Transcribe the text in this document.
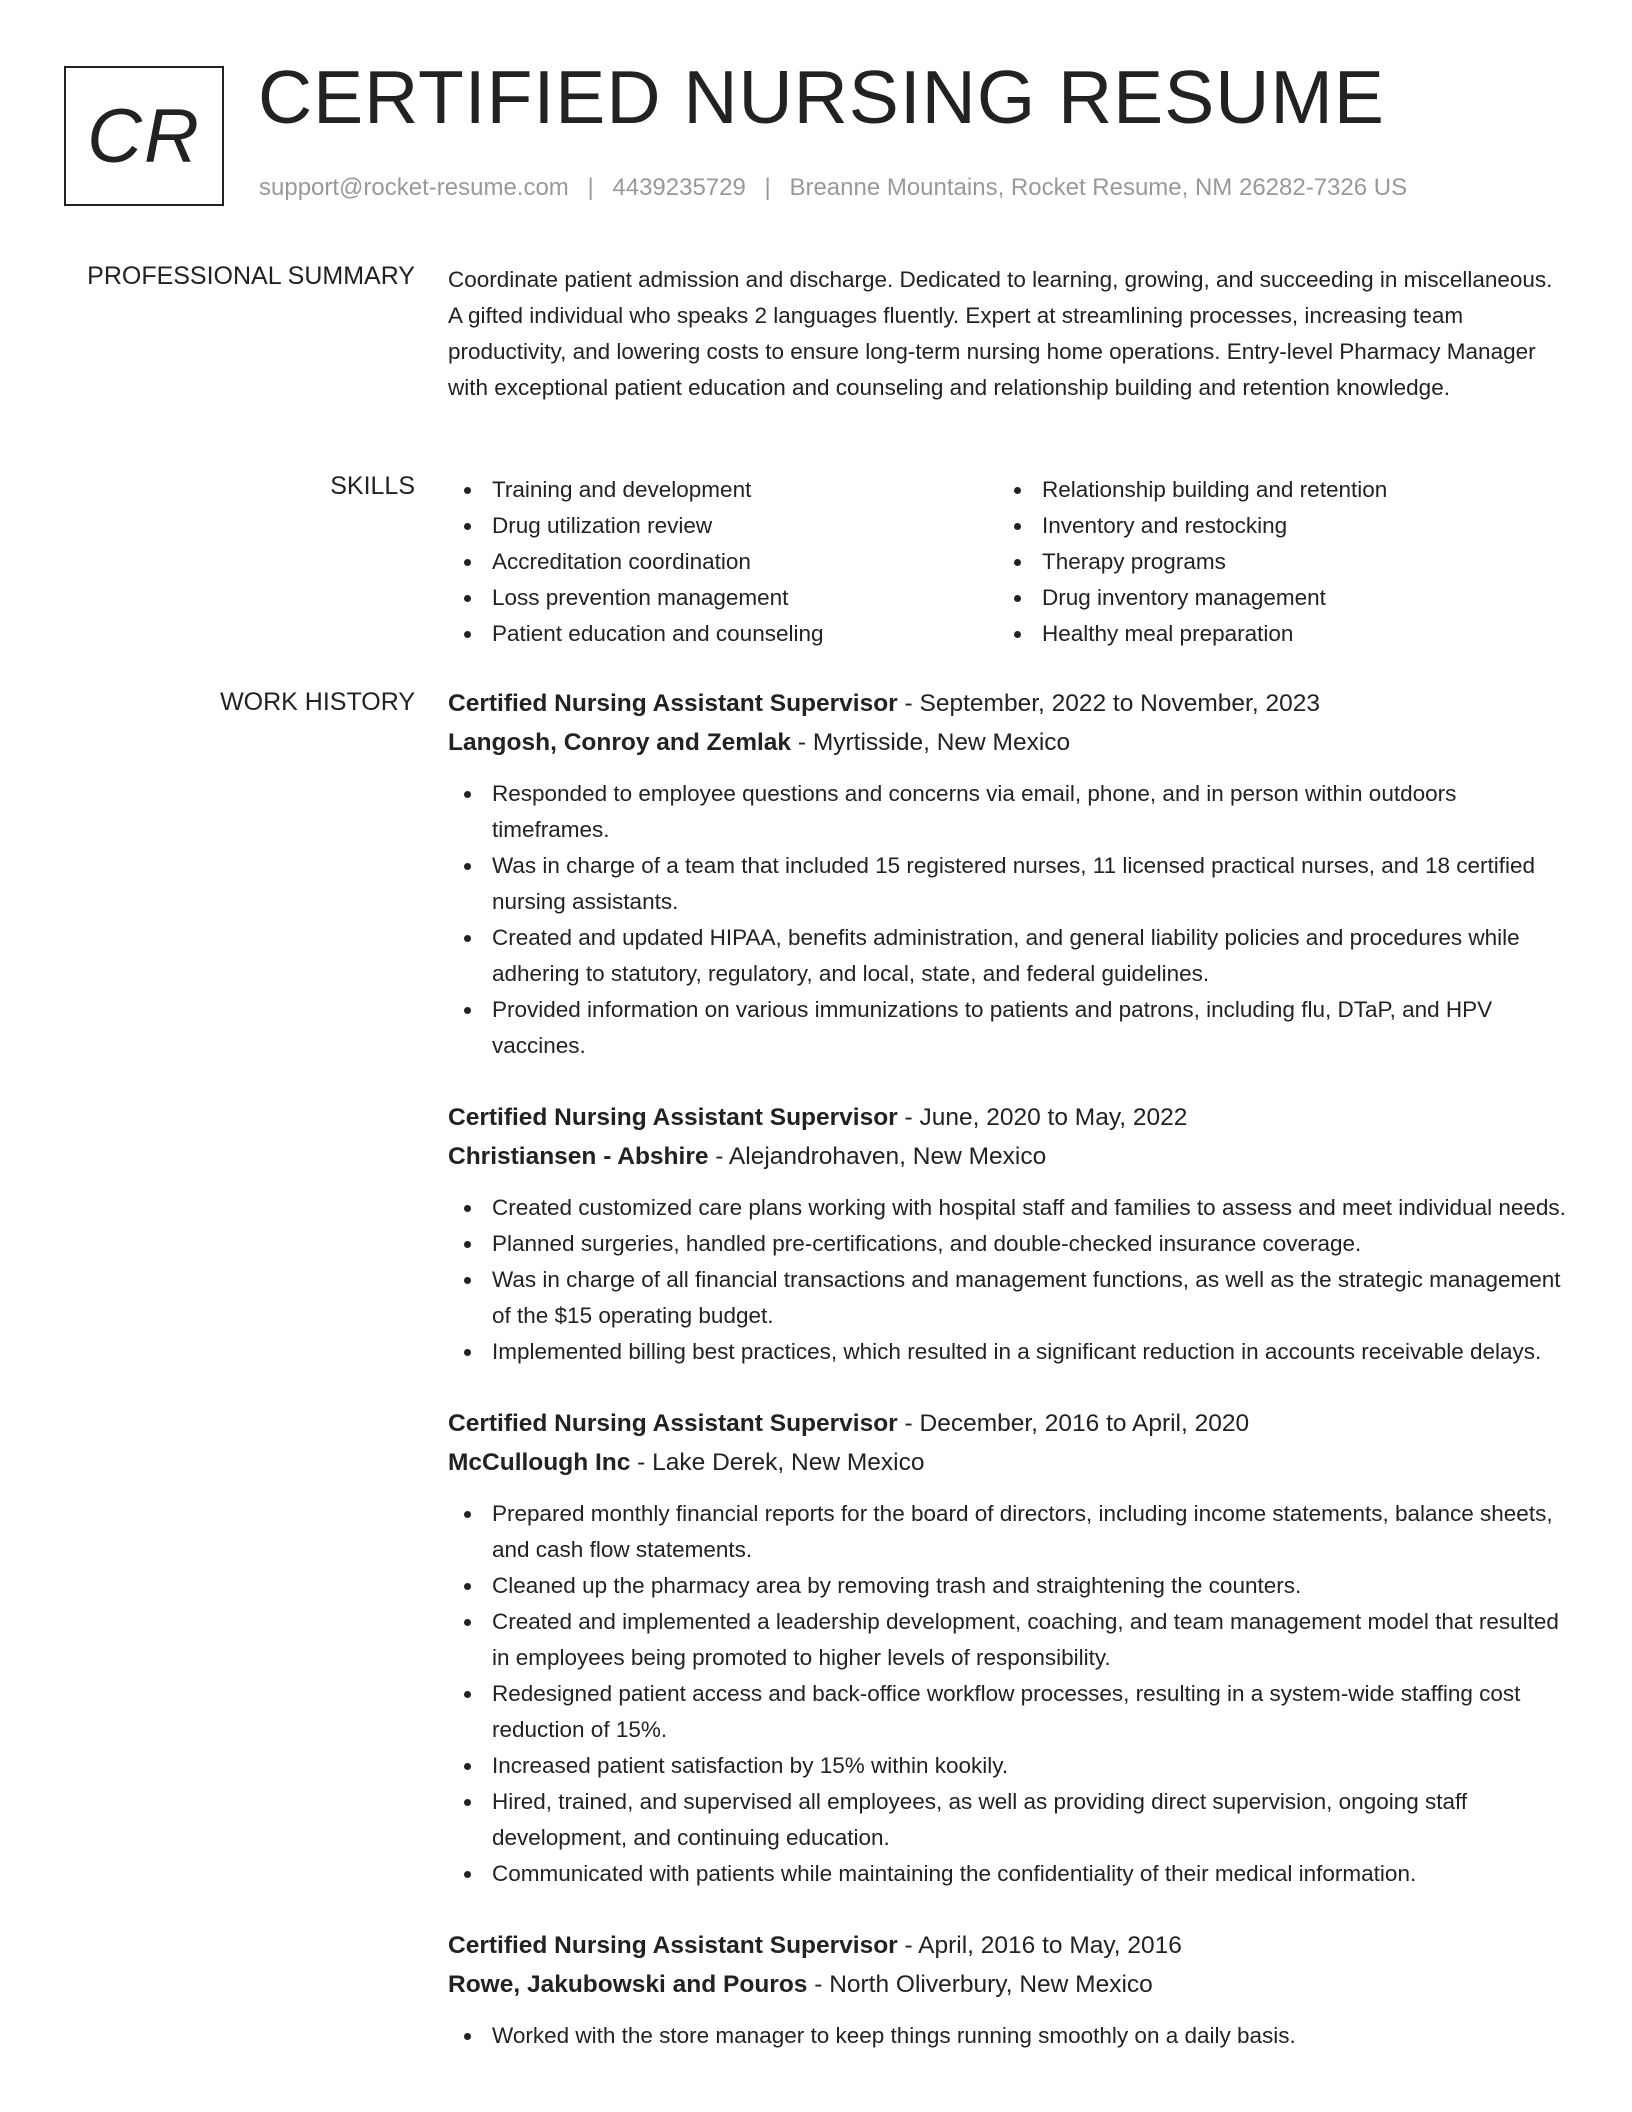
CR CERTIFIED NURSING RESUME
support@rocket-resume.com | 4439235729 | Breanne Mountains, Rocket Resume, NM 26282-7326 US
PROFESSIONAL SUMMARY Coordinate patient admission and discharge. Dedicated to learning, growing, and succeeding in miscellaneous. A gifted individual who speaks 2 languages fluently. Expert at streamlining processes, increasing team productivity, and lowering costs to ensure long-term nursing home operations. Entry-level Pharmacy Manager with exceptional patient education and counseling and relationship building and retention knowledge.

SKILLS	Training and development
Drug utilization review
Accreditation coordination
Loss prevention management
Patient education and counseling
Relationship building and retention
Inventory and restocking
Therapy programs
Drug inventory management
Healthy meal preparation
WORK HISTORY Certified Nursing Assistant Supervisor - September, 2022 to November, 2023
Langosh, Conroy and Zemlak - Myrtisside, New Mexico
Responded to employee questions and concerns via email, phone, and in person within outdoors timeframes.
Was in charge of a team that included 15 registered nurses, 11 licensed practical nurses, and 18 certified nursing assistants.
Created and updated HIPAA, benefits administration, and general liability policies and procedures while adhering to statutory, regulatory, and local, state, and federal guidelines.
Provided information on various immunizations to patients and patrons, including flu, DTaP, and HPV vaccines.
Certified Nursing Assistant Supervisor - June, 2020 to May, 2022
Christiansen - Abshire - Alejandrohaven, New Mexico
Created customized care plans working with hospital staff and families to assess and meet individual needs.
Planned surgeries, handled pre-certifications, and double-checked insurance coverage.
Was in charge of all financial transactions and management functions, as well as the strategic management of the $15 operating budget.
Implemented billing best practices, which resulted in a significant reduction in accounts receivable delays.
Certified Nursing Assistant Supervisor - December, 2016 to April, 2020
McCullough Inc - Lake Derek, New Mexico
Prepared monthly financial reports for the board of directors, including income statements, balance sheets, and cash flow statements.
Cleaned up the pharmacy area by removing trash and straightening the counters.
Created and implemented a leadership development, coaching, and team management model that resulted in employees being promoted to higher levels of responsibility.
Redesigned patient access and back-office workflow processes, resulting in a system-wide staffing cost reduction of 15%.
Increased patient satisfaction by 15% within kookily.
Hired, trained, and supervised all employees, as well as providing direct supervision, ongoing staff development, and continuing education.
Communicated with patients while maintaining the confidentiality of their medical information.
Certified Nursing Assistant Supervisor - April, 2016 to May, 2016
Rowe, Jakubowski and Pouros - North Oliverbury, New Mexico
Worked with the store manager to keep things running smoothly on a daily basis.
